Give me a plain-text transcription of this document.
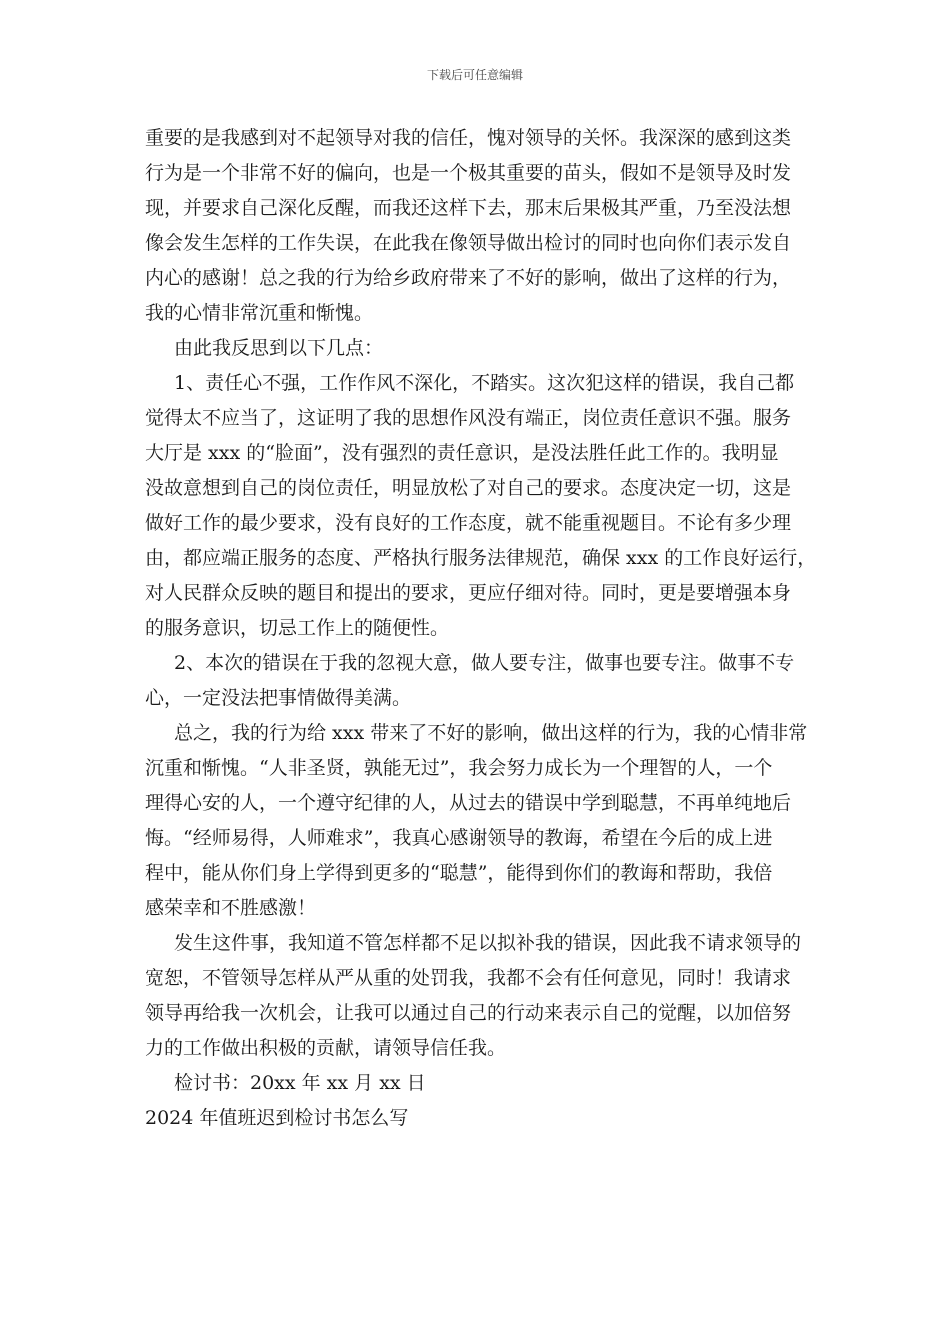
下载后可任意编辑
重要的是我感到对不起领导对我的信任，愧对领导的关怀。我深深的感到这类
行为是一个非常不好的偏向，也是一个极其重要的苗头，假如不是领导及时发
现，并要求自己深化反醒，而我还这样下去，那末后果极其严重，乃至没法想
像会发生怎样的工作失误，在此我在像领导做出检讨的同时也向你们表示发自
内心的感谢！总之我的行为给乡政府带来了不好的影响，做出了这样的行为，
我的心情非常沉重和惭愧。
由此我反思到以下几点：
1、责任心不强，工作作风不深化，不踏实。这次犯这样的错误，我自己都
觉得太不应当了，这证明了我的思想作风没有端正，岗位责任意识不强。服务
大厅是 xxx 的“脸面”，没有强烈的责任意识，是没法胜任此工作的。我明显
没故意想到自己的岗位责任，明显放松了对自己的要求。态度决定一切，这是
做好工作的最少要求，没有良好的工作态度，就不能重视题目。不论有多少理
由，都应端正服务的态度、严格执行服务法律规范，确保 xxx 的工作良好运行，
对人民群众反映的题目和提出的要求，更应仔细对待。同时，更是要增强本身
的服务意识，切忌工作上的随便性。
2、本次的错误在于我的忽视大意，做人要专注，做事也要专注。做事不专
心，一定没法把事情做得美满。
总之，我的行为给 xxx 带来了不好的影响，做出这样的行为，我的心情非常
沉重和惭愧。“人非圣贤，孰能无过”，我会努力成长为一个理智的人，一个
理得心安的人，一个遵守纪律的人，从过去的错误中学到聪慧，不再单纯地后
悔。“经师易得，人师难求”，我真心感谢领导的教诲，希望在今后的成上进
程中，能从你们身上学得到更多的“聪慧”，能得到你们的教诲和帮助，我倍
感荣幸和不胜感激！
发生这件事，我知道不管怎样都不足以拟补我的错误，因此我不请求领导的
宽恕，不管领导怎样从严从重的处罚我，我都不会有任何意见，同时！我请求
领导再给我一次机会，让我可以通过自己的行动来表示自己的觉醒，以加倍努
力的工作做出积极的贡献，请领导信任我。
检讨书：20xx 年 xx 月 xx 日
2024 年值班迟到检讨书怎么写
